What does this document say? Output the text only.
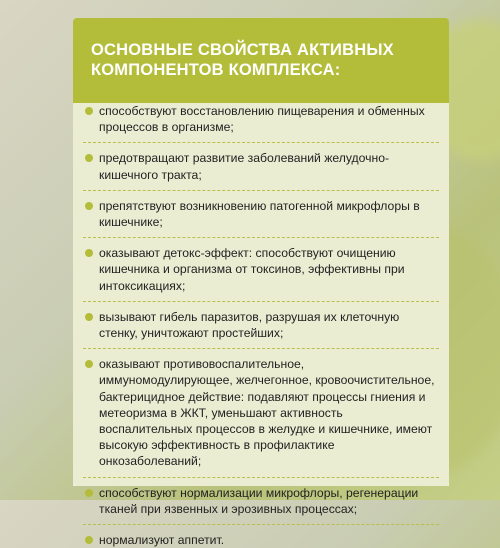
ОСНОВНЫЕ СВОЙСТВА АКТИВНЫХ
КОМПОНЕНТОВ КОМПЛЕКСА:
способствуют восстановлению пищеварения и обменных процессов в организме;
предотвращают развитие заболеваний желудочно-кишечного тракта;
препятствуют возникновению патогенной микрофлоры в кишечнике;
оказывают детокс-эффект: способствуют очищению кишечника и организма от токсинов, эффективны при интоксикациях;
вызывают гибель паразитов, разрушая их клеточную стенку, уничтожают простейших;
оказывают противовоспалительное, иммуномодулирующее, желчегонное, кровоочистительное, бактерицидное действие: подавляют процессы гниения и метеоризма в ЖКТ, уменьшают активность воспалительных процессов в желудке и кишечнике, имеют высокую эффективность в профилактике онкозаболеваний;
способствуют нормализации микрофлоры, регенерации тканей при язвенных и эрозивных процессах;
нормализуют аппетит.
